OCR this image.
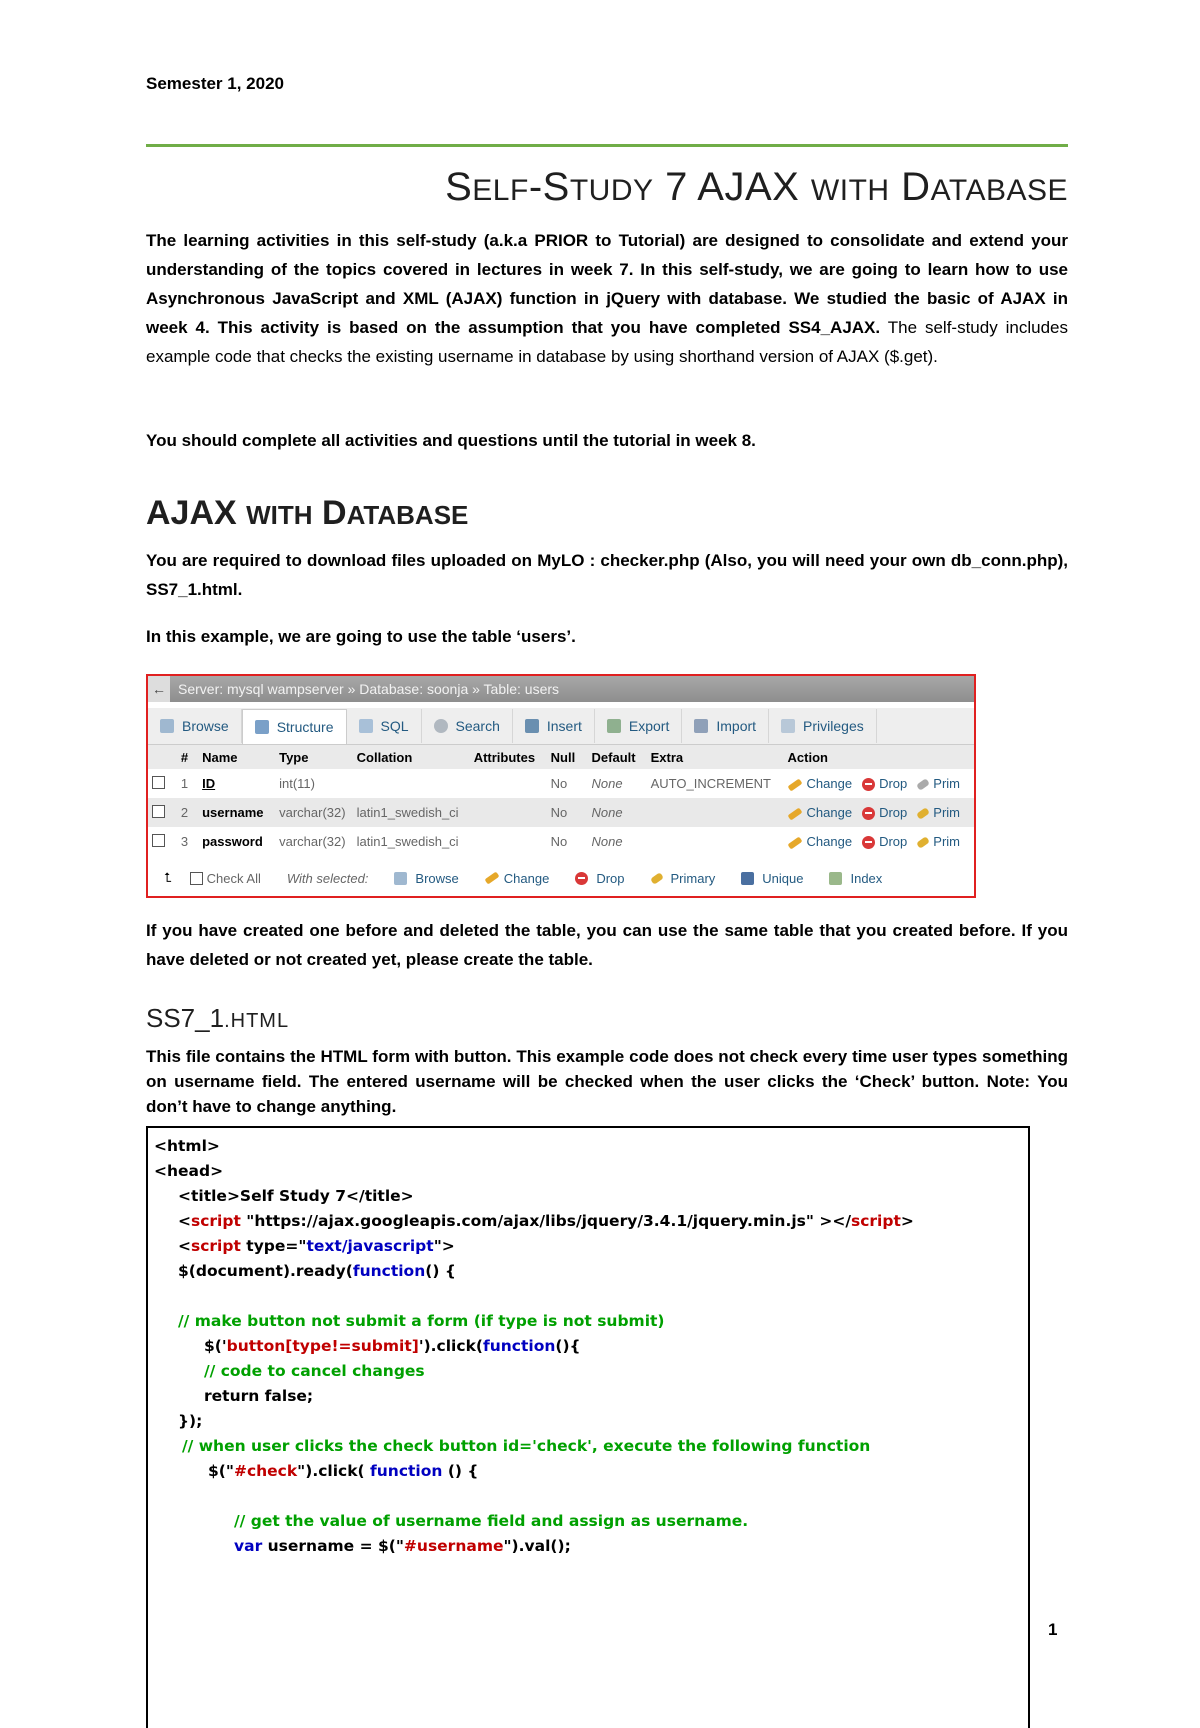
Semester 1, 2020
SELF-STUDY 7 AJAX WITH DATABASE

The learning activities in this self-study (a.k.a PRIOR to Tutorial) are designed to consolidate and extend your understanding of the topics covered in lectures in week 7. In this self-study, we are going to learn how to use Asynchronous JavaScript and XML (AJAX) function in jQuery with database. We studied the basic of AJAX in week 4. This activity is based on the assumption that you have completed SS4_AJAX. The self-study includes example code that checks the existing username in database by using shorthand version of AJAX ($.get).

You should complete all activities and questions until the tutorial in week 8.

AJAX WITH DATABASE

You are required to download files uploaded on MyLO : checker.php (Also, you will need your own db_conn.php), SS7_1.html.

In this example, we are going to use the table ‘users’.

← Server: mysql wampserver » Database: soonja » Table: users
Browse	Structure	SQL	Search	Insert	Export	Import	Privileges
	#	Name	Type	Collation	Attributes	Null	Default	Extra	Action
	1	ID	int(11)			No	None	AUTO_INCREMENT	Change Drop Prim
	2	username	varchar(32)	latin1_swedish_ci		No	None		Change Drop Prim
	3	password	varchar(32)	latin1_swedish_ci		No	None		Change Drop Prim
⮤	Check All With selected:	Browse	Change	Drop	Primary	Unique	Index

If you have created one before and deleted the table, you can use the same table that you created before. If you have deleted or not created yet, please create the table.

SS7_1.HTML

This file contains the HTML form with button. This example code does not check every time user types something on username field. The entered username will be checked when the user clicks the ‘Check’ button. Note: You don’t have to change anything.

<html>
<head>
<title>Self Study 7</title>
<script "https://ajax.googleapis.com/ajax/libs/jquery/3.4.1/jquery.min.js" ></script>
<script type="text/javascript">
$(document).ready(function() {
// make button not submit a form (if type is not submit)
$('button[type!=submit]').click(function(){
// code to cancel changes
return false;
});
// when user clicks the check button id='check', execute the following function
$("#check").click( function () {
// get the value of username field and assign as username.
var username = $("#username").val();
1
